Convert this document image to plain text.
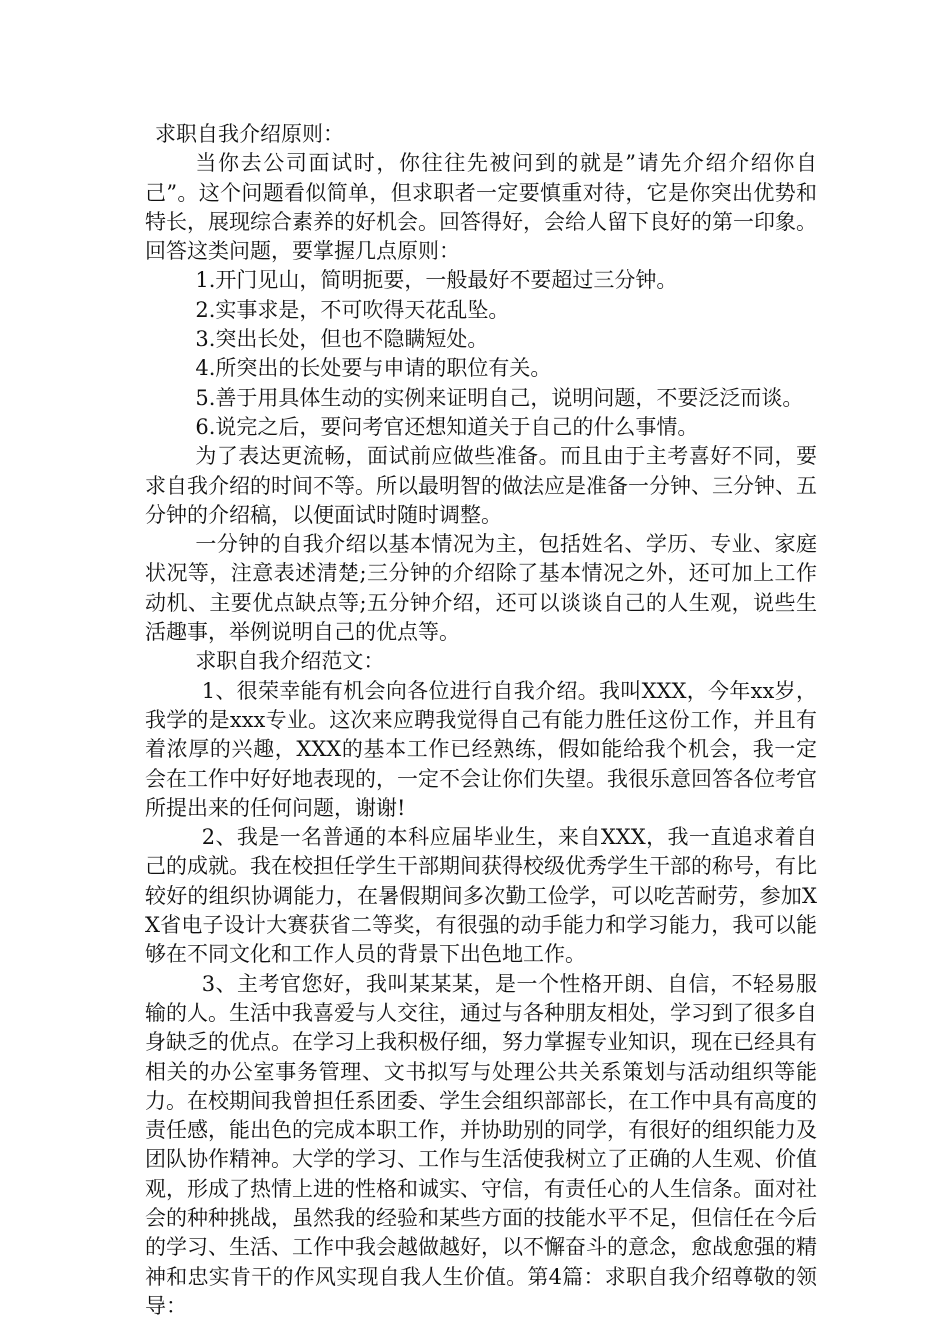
求职自我介绍原则：

当你去公司面试时，你往往先被问到的就是”请先介绍介绍你自己”。这个问题看似简单，但求职者一定要慎重对待，它是你突出优势和特长，展现综合素养的好机会。回答得好，会给人留下良好的第一印象。回答这类问题，要掌握几点原则：

1.开门见山，简明扼要，一般最好不要超过三分钟。

2.实事求是，不可吹得天花乱坠。

3.突出长处，但也不隐瞒短处。

4.所突出的长处要与申请的职位有关。

5.善于用具体生动的实例来证明自己，说明问题，不要泛泛而谈。

6.说完之后，要问考官还想知道关于自己的什么事情。

为了表达更流畅，面试前应做些准备。而且由于主考喜好不同，要求自我介绍的时间不等。所以最明智的做法应是准备一分钟、三分钟、五分钟的介绍稿，以便面试时随时调整。

一分钟的自我介绍以基本情况为主，包括姓名、学历、专业、家庭状况等，注意表述清楚;三分钟的介绍除了基本情况之外，还可加上工作动机、主要优点缺点等;五分钟介绍，还可以谈谈自己的人生观，说些生活趣事，举例说明自己的优点等。

求职自我介绍范文：

1、很荣幸能有机会向各位进行自我介绍。我叫XXX，今年xx岁，我学的是xxx专业。这次来应聘我觉得自己有能力胜任这份工作，并且有着浓厚的兴趣，XXX的基本工作已经熟练，假如能给我个机会，我一定会在工作中好好地表现的，一定不会让你们失望。我很乐意回答各位考官所提出来的任何问题，谢谢!

2、我是一名普通的本科应届毕业生，来自XXX，我一直追求着自己的成就。我在校担任学生干部期间获得校级优秀学生干部的称号，有比较好的组织协调能力，在暑假期间多次勤工俭学，可以吃苦耐劳，参加XX省电子设计大赛获省二等奖，有很强的动手能力和学习能力，我可以能够在不同文化和工作人员的背景下出色地工作。

3、主考官您好，我叫某某某，是一个性格开朗、自信，不轻易服输的人。生活中我喜爱与人交往，通过与各种朋友相处，学习到了很多自身缺乏的优点。在学习上我积极仔细，努力掌握专业知识，现在已经具有相关的办公室事务管理、文书拟写与处理公共关系策划与活动组织等能力。在校期间我曾担任系团委、学生会组织部部长，在工作中具有高度的责任感，能出色的完成本职工作，并协助别的同学，有很好的组织能力及团队协作精神。大学的学习、工作与生活使我树立了正确的人生观、价值观，形成了热情上进的性格和诚实、守信，有责任心的人生信条。面对社会的种种挑战，虽然我的经验和某些方面的技能水平不足，但信任在今后的学习、生活、工作中我会越做越好，以不懈奋斗的意念，愈战愈强的精神和忠实肯干的作风实现自我人生价值。第4篇：求职自我介绍尊敬的领导：
